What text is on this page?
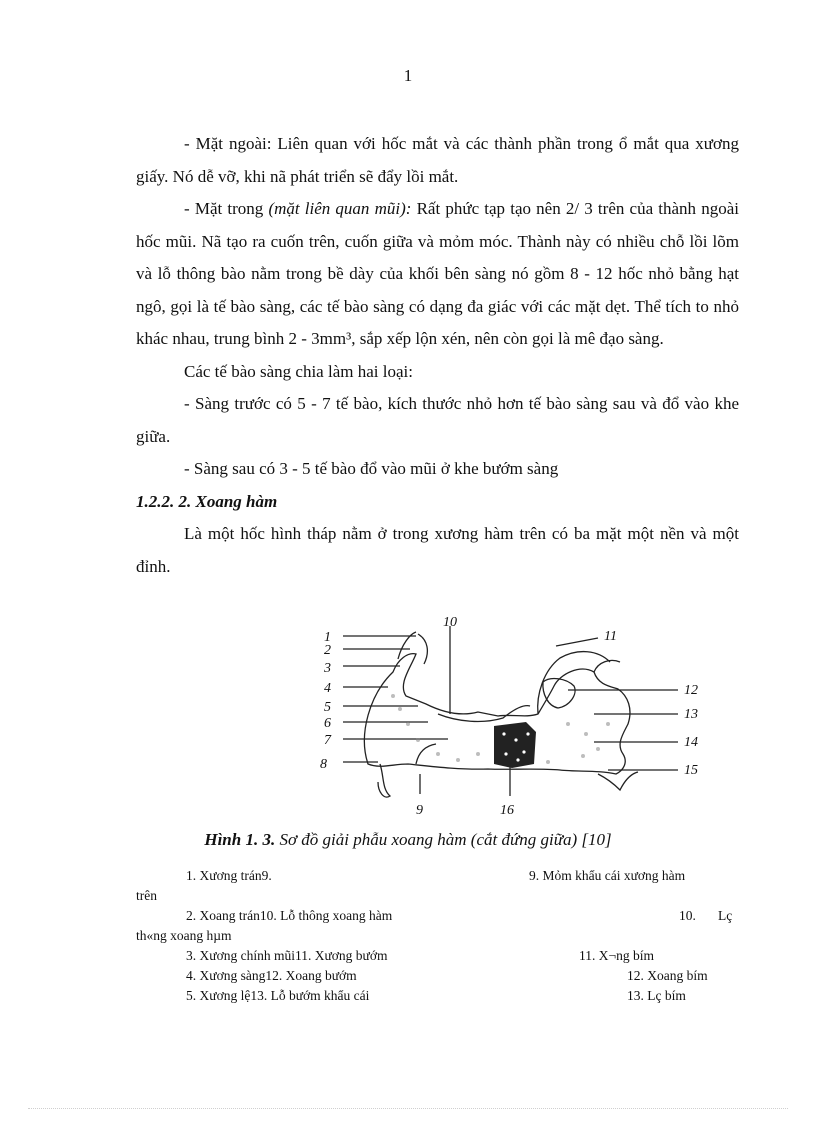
1

- Mặt ngoài: Liên quan với hốc mắt và các thành phần trong ổ mắt qua xương giấy. Nó dễ vỡ, khi nã phát triển sẽ đẩy lồi mắt.

- Mặt trong (mặt liên quan mũi): Rất phức tạp tạo nên 2/ 3 trên của thành ngoài hốc mũi. Nã tạo ra cuốn trên, cuốn giữa và mỏm móc. Thành này có nhiều chỗ lồi lõm và lỗ thông bào nằm trong bề dày của khối bên sàng nó gồm 8 - 12 hốc nhỏ bằng hạt ngô, gọi là tế bào sàng, các tế bào sàng có dạng đa giác với các mặt dẹt. Thể tích to nhỏ khác nhau, trung bình 2 - 3mm³, sắp xếp lộn xén, nên còn gọi là mê đạo sàng.

Các tế bào sàng chia làm hai loại:

- Sàng trước có 5 - 7 tế bào, kích thước nhỏ hơn tế bào sàng sau và đổ vào khe giữa.

- Sàng sau có 3 - 5 tế bào đổ vào mũi ở khe bướm sàng

1.2.2. 2. Xoang hàm

Là một hốc hình tháp nằm ở trong xương hàm trên có ba mặt một nền và một đỉnh.

1
2
3
4
5
6
7
8
10
11
12
13
14
15
9	16
Hình 1. 3. Sơ đồ giải phẫu xoang hàm (cắt đứng giữa) [10]
1. Xương trán9.	9. Mỏm khẩu cái xương hàm
trên
2. Xoang trán10. Lỗ thông xoang hàm	10. Lç
th«ng xoang hµm
3. Xương chính mũi11. Xương bướm	11. X¬ng bím
4. Xương sàng12. Xoang bướm	12. Xoang bím
5. Xương lệ13. Lỗ bướm khẩu cái	13. Lç bím
